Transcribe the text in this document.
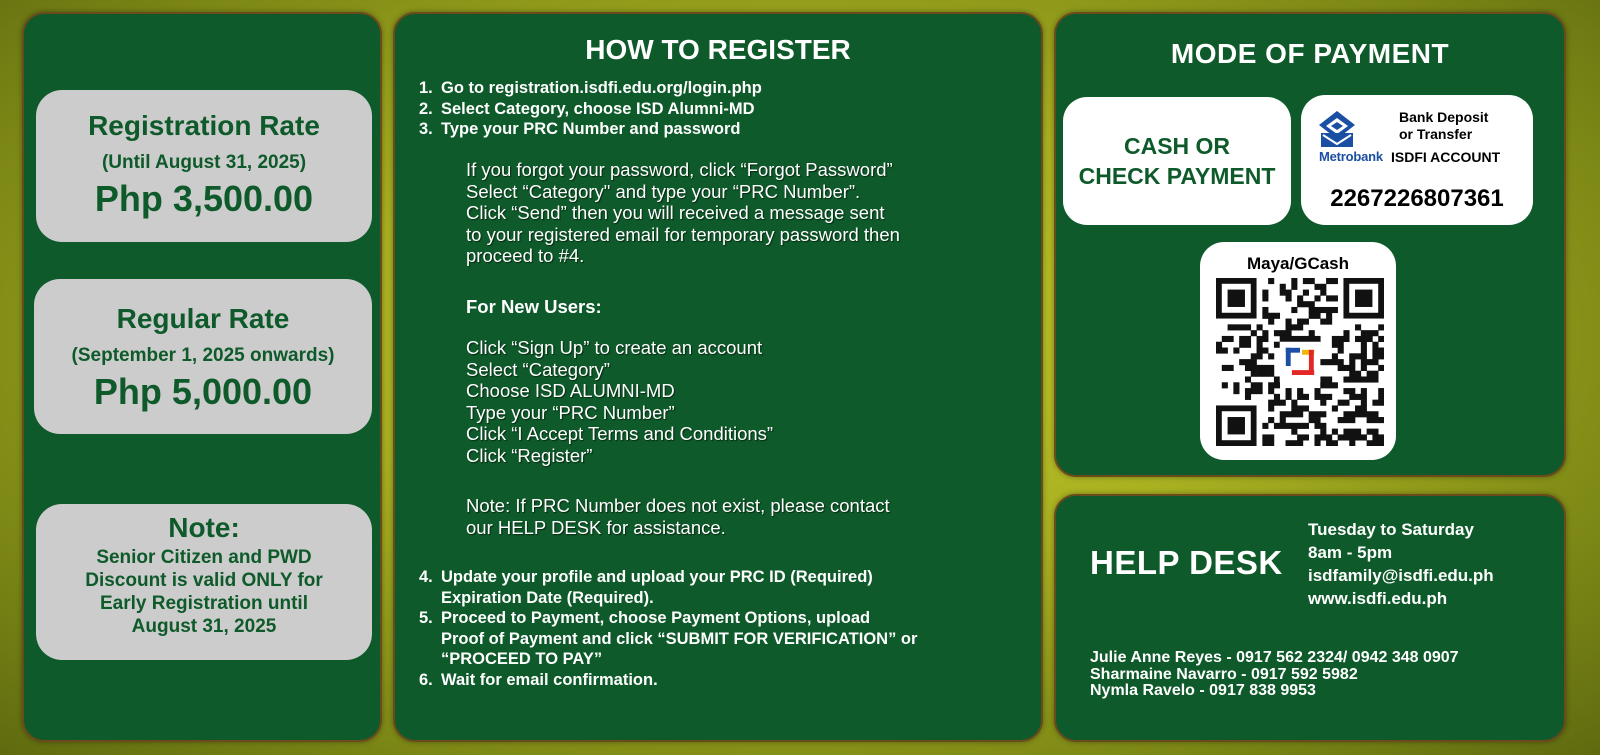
Registration Rate
(Until August 31, 2025)
Php 3,500.00
Regular Rate
(September 1, 2025 onwards)
Php 5,000.00
Note:
Senior Citizen and PWD
Discount is valid ONLY for
Early Registration until
August 31, 2025
HOW TO REGISTER
1. Go to registration.isdfi.edu.org/login.php
2. Select Category, choose ISD Alumni-MD
3. Type your PRC Number and password
If you forgot your password, click “Forgot Password”
Select “Category" and type your “PRC Number”.
Click “Send” then you will received a message sent
to your registered email for temporary password then
proceed to #4.
For New Users:
Click “Sign Up” to create an account
Select “Category”
Choose ISD ALUMNI-MD
Type your “PRC Number”
Click “I Accept Terms and Conditions”
Click “Register”
Note: If PRC Number does not exist, please contact
our HELP DESK for assistance.
4. Update your profile and upload your PRC ID (Required)
Expiration Date (Required).
5. Proceed to Payment, choose Payment Options, upload
Proof of Payment and click “SUBMIT FOR VERIFICATION” or
“PROCEED TO PAY”
6. Wait for email confirmation.
MODE OF PAYMENT
CASH OR
CHECK PAYMENT
Metrobank
Bank Deposit
or Transfer
ISDFI ACCOUNT
2267226807361
Maya/GCash
HELP DESK
Tuesday to Saturday
8am - 5pm
isdfamily@isdfi.edu.ph
www.isdfi.edu.ph
Julie Anne Reyes - 0917 562 2324/ 0942 348 0907
Sharmaine Navarro - 0917 592 5982
Nymla Ravelo - 0917 838 9953
